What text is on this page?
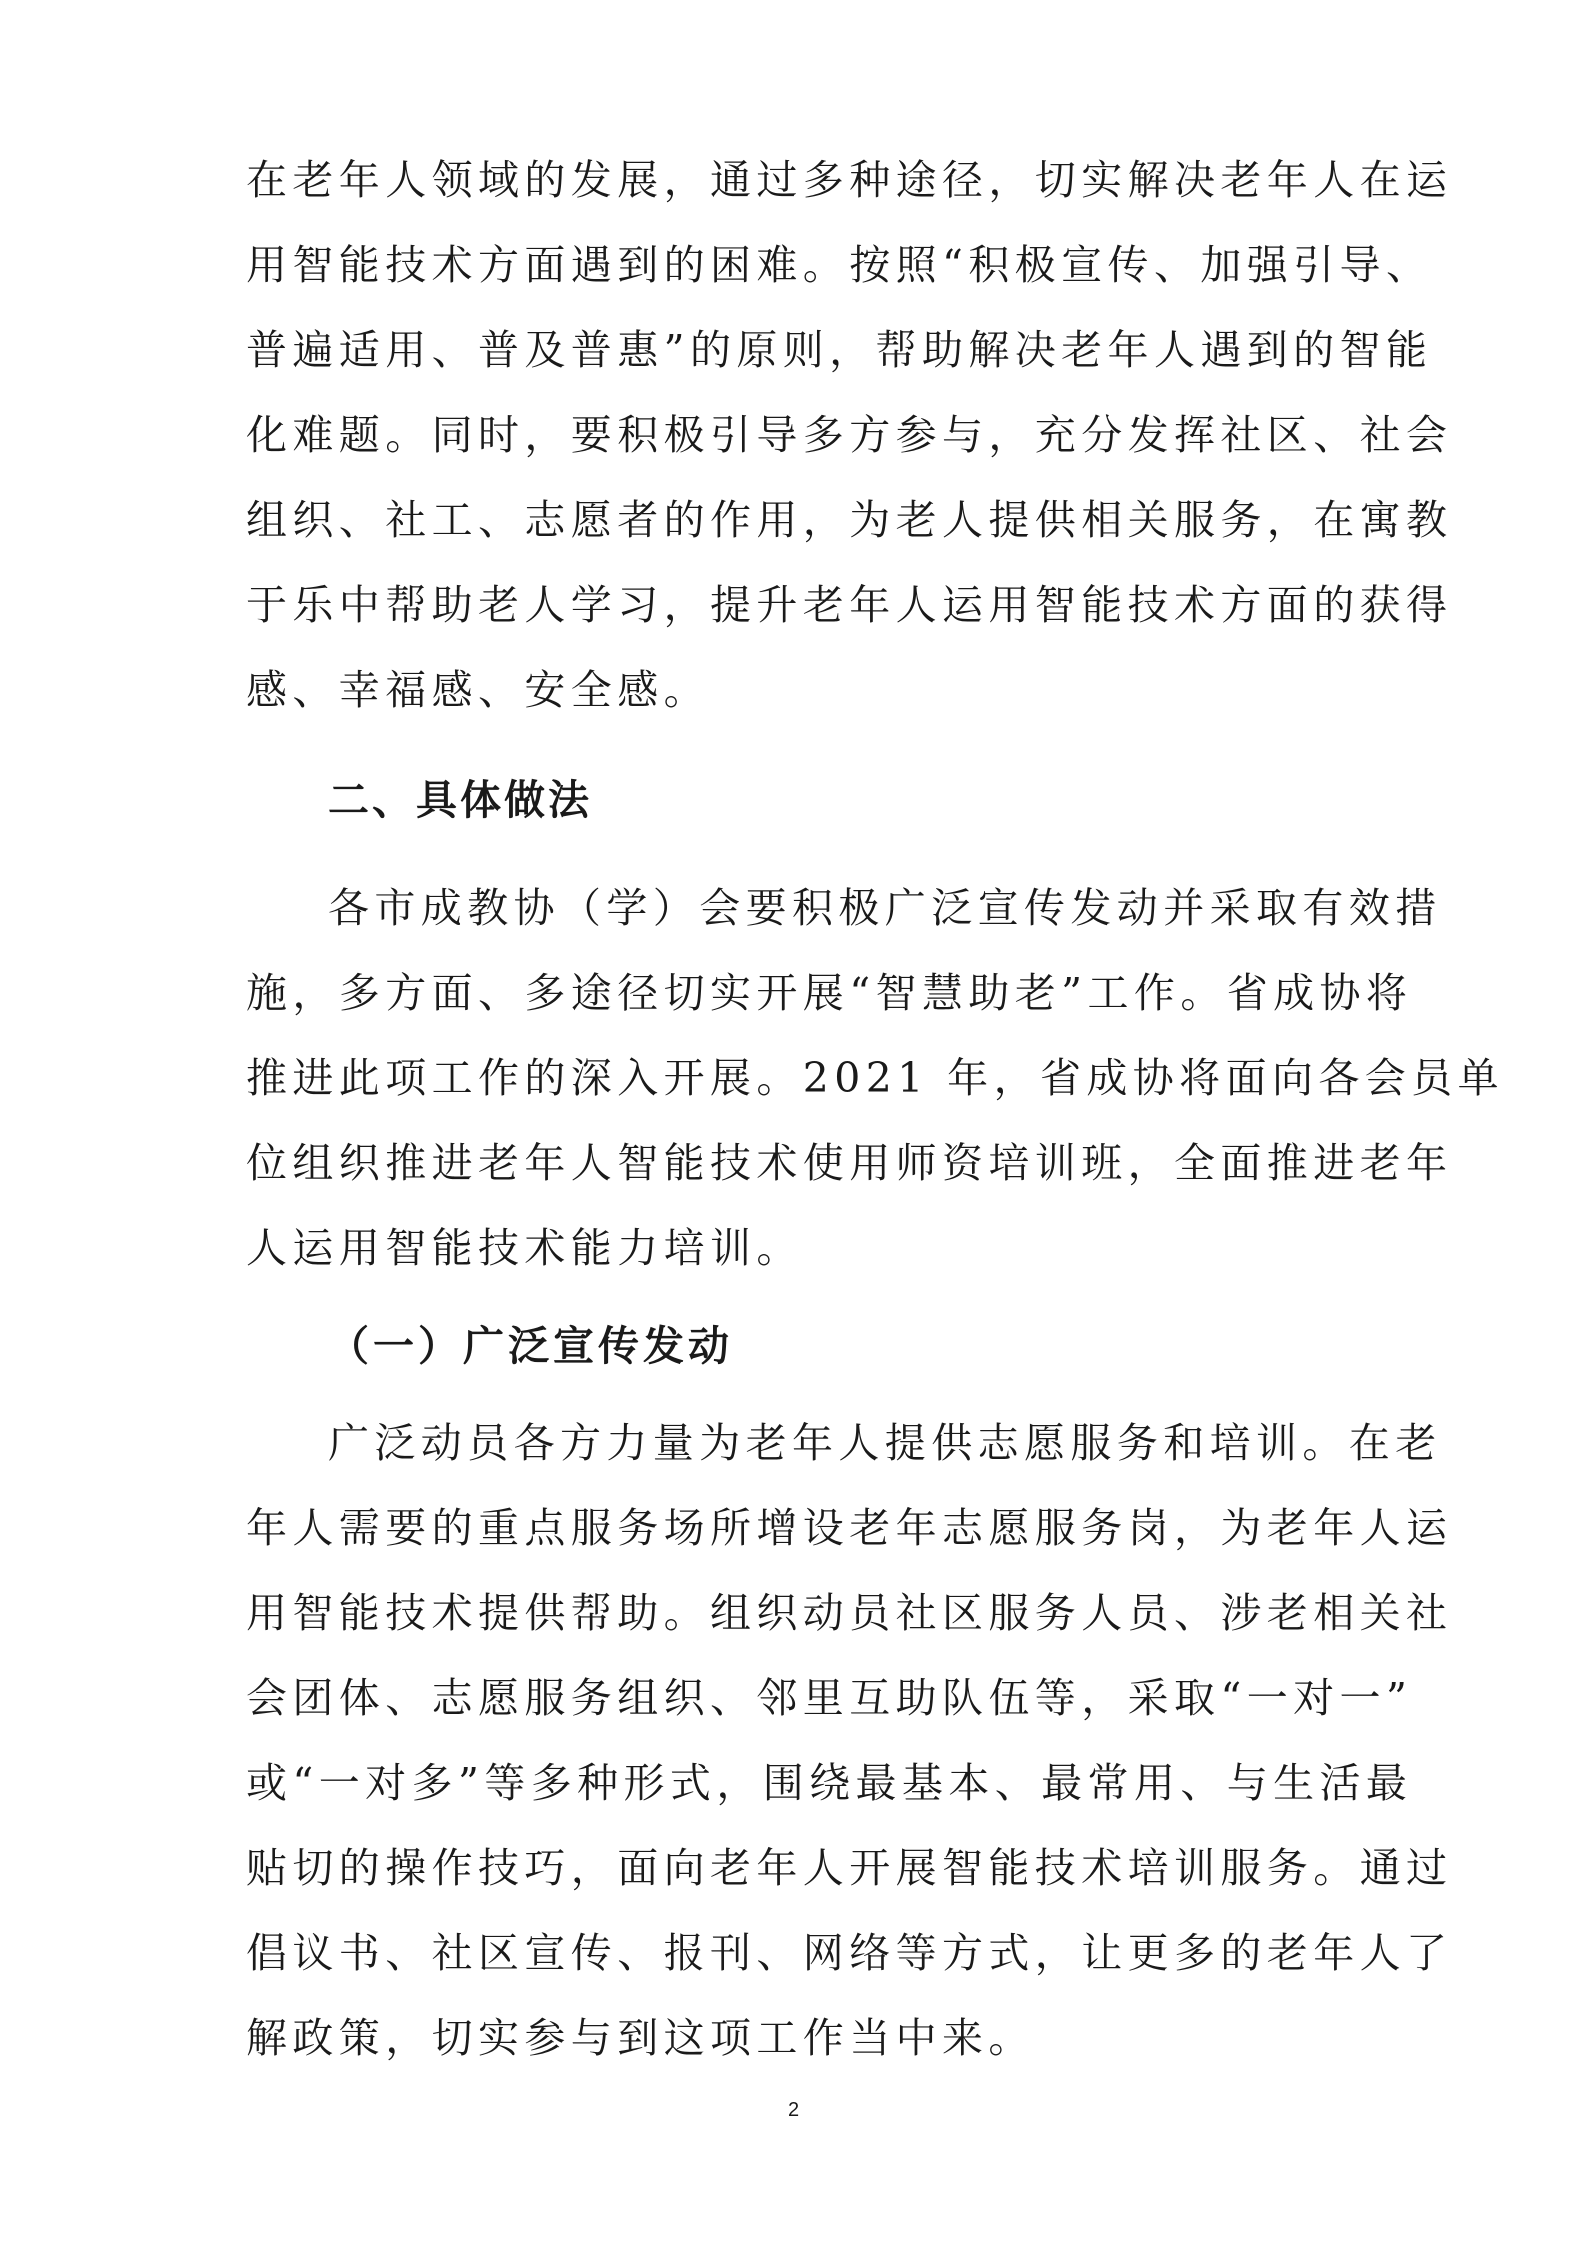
在老年人领域的发展，通过多种途径，切实解决老年人在运
用智能技术方面遇到的困难。按照“积极宣传、加强引导、
普遍适用、普及普惠”的原则，帮助解决老年人遇到的智能
化难题。同时，要积极引导多方参与，充分发挥社区、社会
组织、社工、志愿者的作用，为老人提供相关服务，在寓教
于乐中帮助老人学习，提升老年人运用智能技术方面的获得
感、幸福感、安全感。
二、具体做法
各市成教协（学）会要积极广泛宣传发动并采取有效措
施，多方面、多途径切实开展“智慧助老”工作。省成协将
推进此项工作的深入开展。2021 年，省成协将面向各会员单
位组织推进老年人智能技术使用师资培训班，全面推进老年
人运用智能技术能力培训。
（一）广泛宣传发动
广泛动员各方力量为老年人提供志愿服务和培训。在老
年人需要的重点服务场所增设老年志愿服务岗，为老年人运
用智能技术提供帮助。组织动员社区服务人员、涉老相关社
会团体、志愿服务组织、邻里互助队伍等，采取“一对一”
或“一对多”等多种形式，围绕最基本、最常用、与生活最
贴切的操作技巧，面向老年人开展智能技术培训服务。通过
倡议书、社区宣传、报刊、网络等方式，让更多的老年人了
解政策，切实参与到这项工作当中来。
2
